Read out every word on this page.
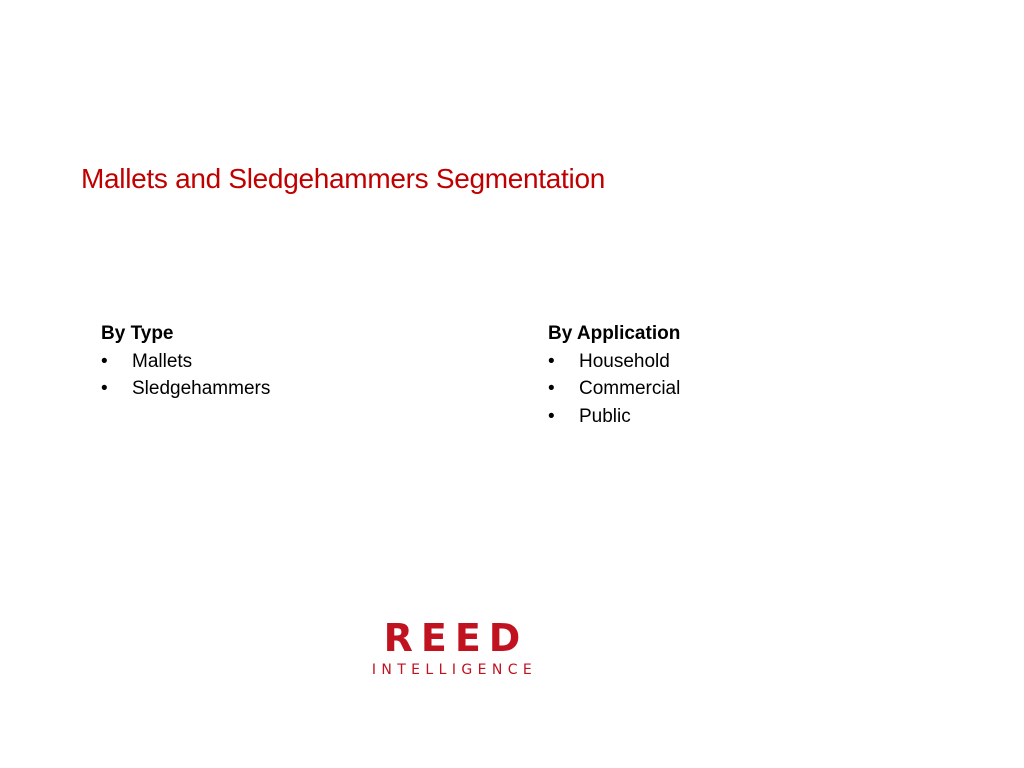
Mallets and Sledgehammers Segmentation

By Type

•	Mallets
•	Sledgehammers

By Application

•	Household
•	Commercial
•	Public
REED
INTELLIGENCE
